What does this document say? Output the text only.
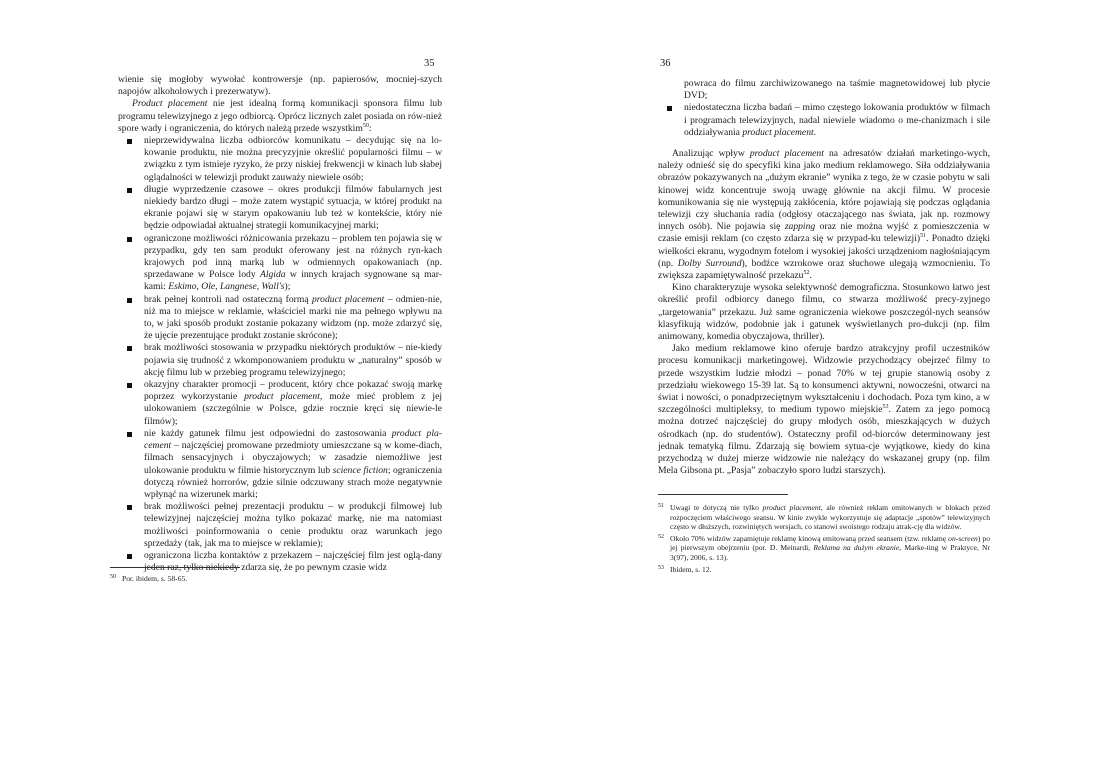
35

wienie się mogłoby wywołać kontrowersje (np. papierosów, mocniej-szych napojów alkoholowych i prezerwatyw).

Product placement nie jest idealną formą komunikacji sponsora filmu lub programu telewizyjnego z jego odbiorcą. Oprócz licznych zalet posiada on rów-nież spore wady i ograniczenia, do których należą przede wszystkim$^{50}$:

nieprzewidywalna liczba odbiorców komunikatu – decydując się na lo-kowanie produktu, nie można precyzyjnie określić popularności filmu – w związku z tym istnieje ryzyko, że przy niskiej frekwencji w kinach lub słabej oglądalności w telewizji produkt zauważy niewiele osób;
długie wyprzedzenie czasowe – okres produkcji filmów fabularnych jest niekiedy bardzo długi – może zatem wystąpić sytuacja, w której produkt na ekranie pojawi się w starym opakowaniu lub też w kontekście, który nie będzie odpowiadał aktualnej strategii komunikacyjnej marki;
ograniczone możliwości różnicowania przekazu – problem ten pojawia się w przypadku, gdy ten sam produkt oferowany jest na różnych ryn-kach krajowych pod inną marką lub w odmiennych opakowaniach (np. sprzedawane w Polsce lody Algida w innych krajach sygnowane są mar-kami: Eskimo, Ole, Langnese, Wall's);
brak pełnej kontroli nad ostateczną formą product placement – odmien-nie, niż ma to miejsce w reklamie, właściciel marki nie ma pełnego wpływu na to, w jaki sposób produkt zostanie pokazany widzom (np. może zdarzyć się, że ujęcie prezentujące produkt zostanie skrócone);
brak możliwości stosowania w przypadku niektórych produktów – nie-kiedy pojawia się trudność z wkomponowaniem produktu w „naturalny” sposób w akcję filmu lub w przebieg programu telewizyjnego;
okazyjny charakter promocji – producent, który chce pokazać swoją markę poprzez wykorzystanie product placement, może mieć problem z jej ulokowaniem (szczególnie w Polsce, gdzie rocznie kręci się niewie-le filmów);
nie każdy gatunek filmu jest odpowiedni do zastosowania product pla-cement – najczęściej promowane przedmioty umieszczane są w kome-diach, filmach sensacyjnych i obyczajowych; w zasadzie niemożliwe jest ulokowanie produktu w filmie historycznym lub science fiction; ograniczenia dotyczą również horrorów, gdzie silnie odczuwany strach może negatywnie wpłynąć na wizerunek marki;
brak możliwości pełnej prezentacji produktu – w produkcji filmowej lub telewizyjnej najczęściej można tylko pokazać markę, nie ma natomiast możliwości poinformowania o cenie produktu oraz warunkach jego sprzedaży (tak, jak ma to miejsce w reklamie);
ograniczona liczba kontaktów z przekazem – najczęściej film jest oglą-dany jeden raz, tylko niekiedy zdarza się, że po pewnym czasie widz
50 Por. ibidem, s. 58-65.
36
powraca do filmu zarchiwizowanego na taśmie magnetowidowej lub płycie DVD;
niedostateczna liczba badań – mimo częstego lokowania produktów w filmach i programach telewizyjnych, nadal niewiele wiadomo o me-chanizmach i sile oddziaływania product placement.

Analizując wpływ product placement na adresatów działań marketingo-wych, należy odnieść się do specyfiki kina jako medium reklamowego. Siła oddziaływania obrazów pokazywanych na „dużym ekranie” wynika z tego, że w czasie pobytu w sali kinowej widz koncentruje swoją uwagę głównie na akcji filmu. W procesie komunikowania się nie występują zakłócenia, które pojawiają się podczas oglądania telewizji czy słuchania radia (odgłosy otaczającego nas świata, jak np. rozmowy innych osób). Nie pojawia się zapping oraz nie można wyjść z pomieszczenia w czasie emisji reklam (co często zdarza się w przypad-ku telewizji)$^{51}$. Ponadto dzięki wielkości ekranu, wygodnym fotelom i wysokiej jakości urządzeniom nagłośniającym (np. Dolby Surround), bodźce wzrokowe oraz słuchowe ulegają wzmocnieniu. To zwiększa zapamiętywalność przekazu$^{52}$.

Kino charakteryzuje wysoka selektywność demograficzna. Stosunkowo łatwo jest określić profil odbiorcy danego filmu, co stwarza możliwość precy-zyjnego „targetowania” przekazu. Już same ograniczenia wiekowe poszczegól-nych seansów klasyfikują widzów, podobnie jak i gatunek wyświetlanych pro-dukcji (np. film animowany, komedia obyczajowa, thriller).

Jako medium reklamowe kino oferuje bardzo atrakcyjny profil uczestników procesu komunikacji marketingowej. Widzowie przychodzący obejrzeć filmy to przede wszystkim ludzie młodzi – ponad 70% w tej grupie stanowią osoby z przedziału wiekowego 15-39 lat. Są to konsumenci aktywni, nowocześni, otwarci na świat i nowości, o ponadprzeciętnym wykształceniu i dochodach. Poza tym kino, a w szczególności multipleksy, to medium typowo miejskie$^{53}$. Zatem za jego pomocą można dotrzeć najczęściej do grupy młodych osób, mieszkających w dużych ośrodkach (np. do studentów). Ostateczny profil od-biorców determinowany jest jednak tematyką filmu. Zdarzają się bowiem sytua-cje wyjątkowe, kiedy do kina przychodzą w dużej mierze widzowie nie należący do wskazanej grupy (np. film Mela Gibsona pt. „Pasja” zobaczyło sporo ludzi starszych).

51 Uwagi te dotyczą nie tylko product placement, ale również reklam emitowanych w blokach przed rozpoczęciem właściwego seansu. W kinie zwykle wykorzystuje się adaptacje „spotów” telewizyjnych często w dłuższych, rozwiniętych wersjach, co stanowi swoistego rodzaju atrak-cję dla widzów.
52 Około 70% widzów zapamiętuje reklamę kinową emitowaną przed seansem (tzw. reklamę on-screen) po jej pierwszym obejrzeniu (por. D. Meinardi, Reklama na dużym ekranie, Marke-ting w Praktyce, Nr 3(97), 2006, s. 13).
53 Ibidem, s. 12.
